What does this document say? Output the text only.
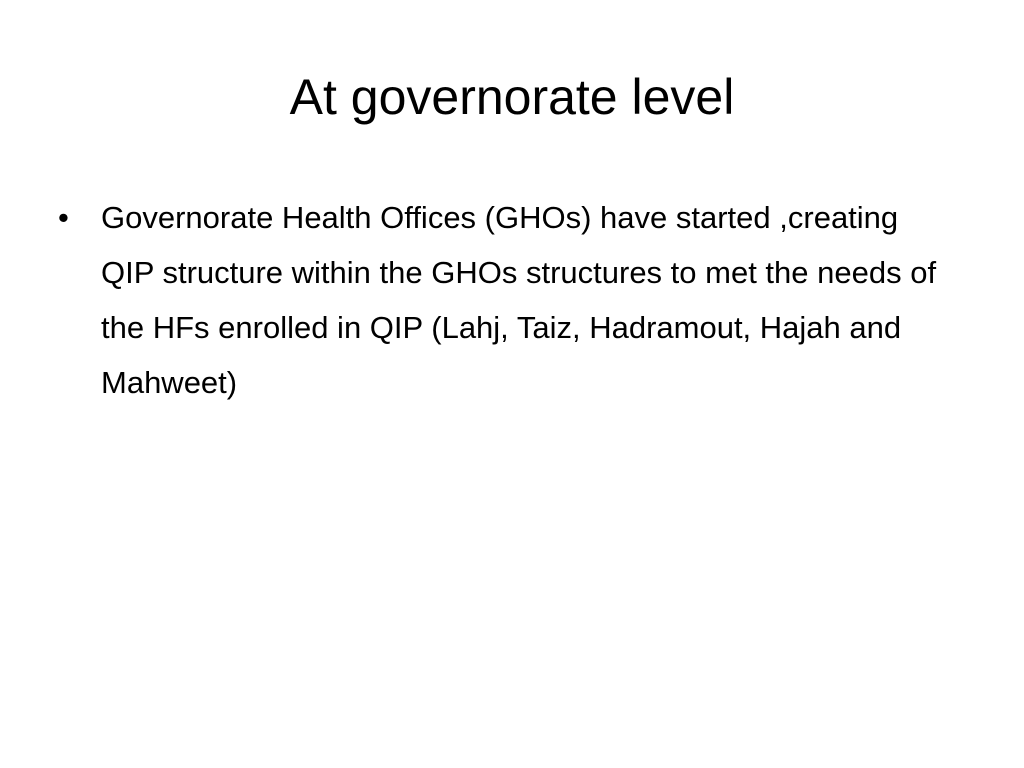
At governorate level
•	Governorate Health Offices (GHOs) have started ,creating QIP structure within the GHOs structures to met the needs of the HFs enrolled in QIP (Lahj, Taiz, Hadramout, Hajah and Mahweet)
